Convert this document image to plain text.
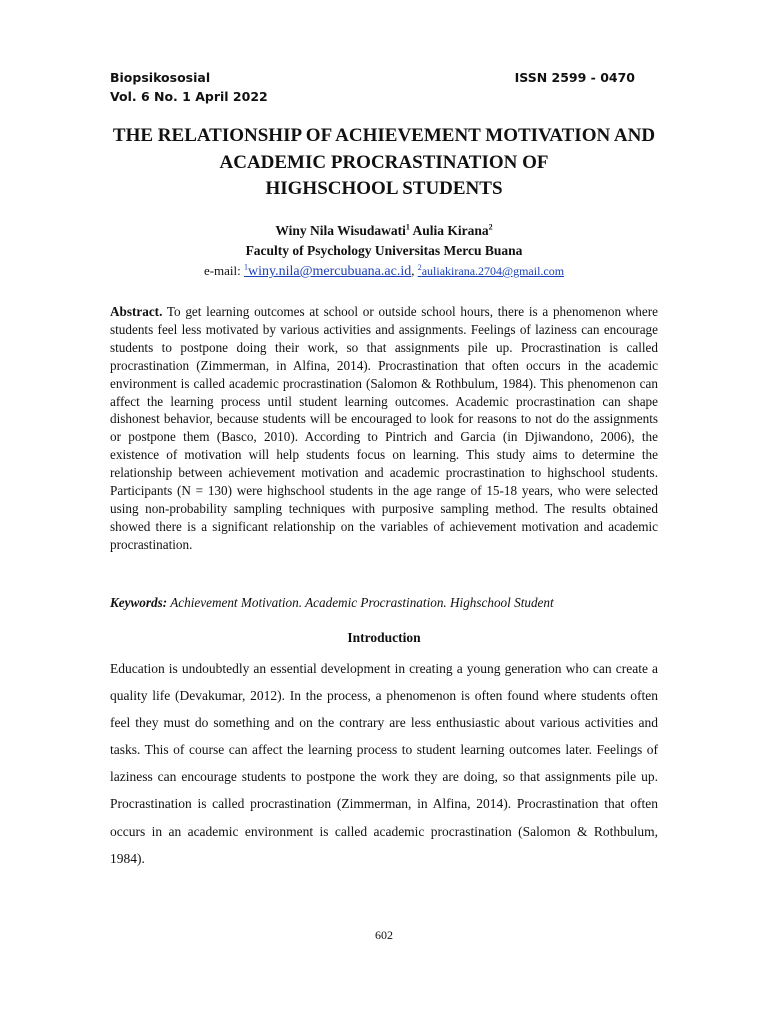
Biopsikososial	ISSN 2599 - 0470
Vol. 6 No. 1 April 2022
THE RELATIONSHIP OF ACHIEVEMENT MOTIVATION AND
ACADEMIC PROCRASTINATION OF
HIGHSCHOOL STUDENTS
Winy Nila Wisudawati$^1$ Aulia Kirana$^2$
Faculty of Psychology Universitas Mercu Buana
e-mail: $^1$winy.nila@mercubuana.ac.id, $^2$auliakirana.2704@gmail.com

Abstract. To get learning outcomes at school or outside school hours, there is a phenomenon where students feel less motivated by various activities and assignments. Feelings of laziness can encourage students to postpone doing their work, so that assignments pile up. Procrastination is called procrastination (Zimmerman, in Alfina, 2014). Procrastination that often occurs in the academic environment is called academic procrastination (Salomon & Rothbulum, 1984). This phenomenon can affect the learning process until student learning outcomes. Academic procrastination can shape dishonest behavior, because students will be encouraged to look for reasons to not do the assignments or postpone them (Basco, 2010). According to Pintrich and Garcia (in Djiwandono, 2006), the existence of motivation will help students focus on learning. This study aims to determine the relationship between achievement motivation and academic procrastination to highschool students. Participants (N = 130) were highschool students in the age range of 15-18 years, who were selected using non-probability sampling techniques with purposive sampling method. The results obtained showed there is a significant relationship on the variables of achievement motivation and academic procrastination.

Keywords: Achievement Motivation. Academic Procrastination. Highschool Student

Introduction

Education is undoubtedly an essential development in creating a young generation who can create a quality life (Devakumar, 2012). In the process, a phenomenon is often found where students often feel they must do something and on the contrary are less enthusiastic about various activities and tasks. This of course can affect the learning process to student learning outcomes later. Feelings of laziness can encourage students to postpone the work they are doing, so that assignments pile up. Procrastination is called procrastination (Zimmerman, in Alfina, 2014). Procrastination that often occurs in an academic environment is called academic procrastination (Salomon & Rothbulum, 1984).

602
